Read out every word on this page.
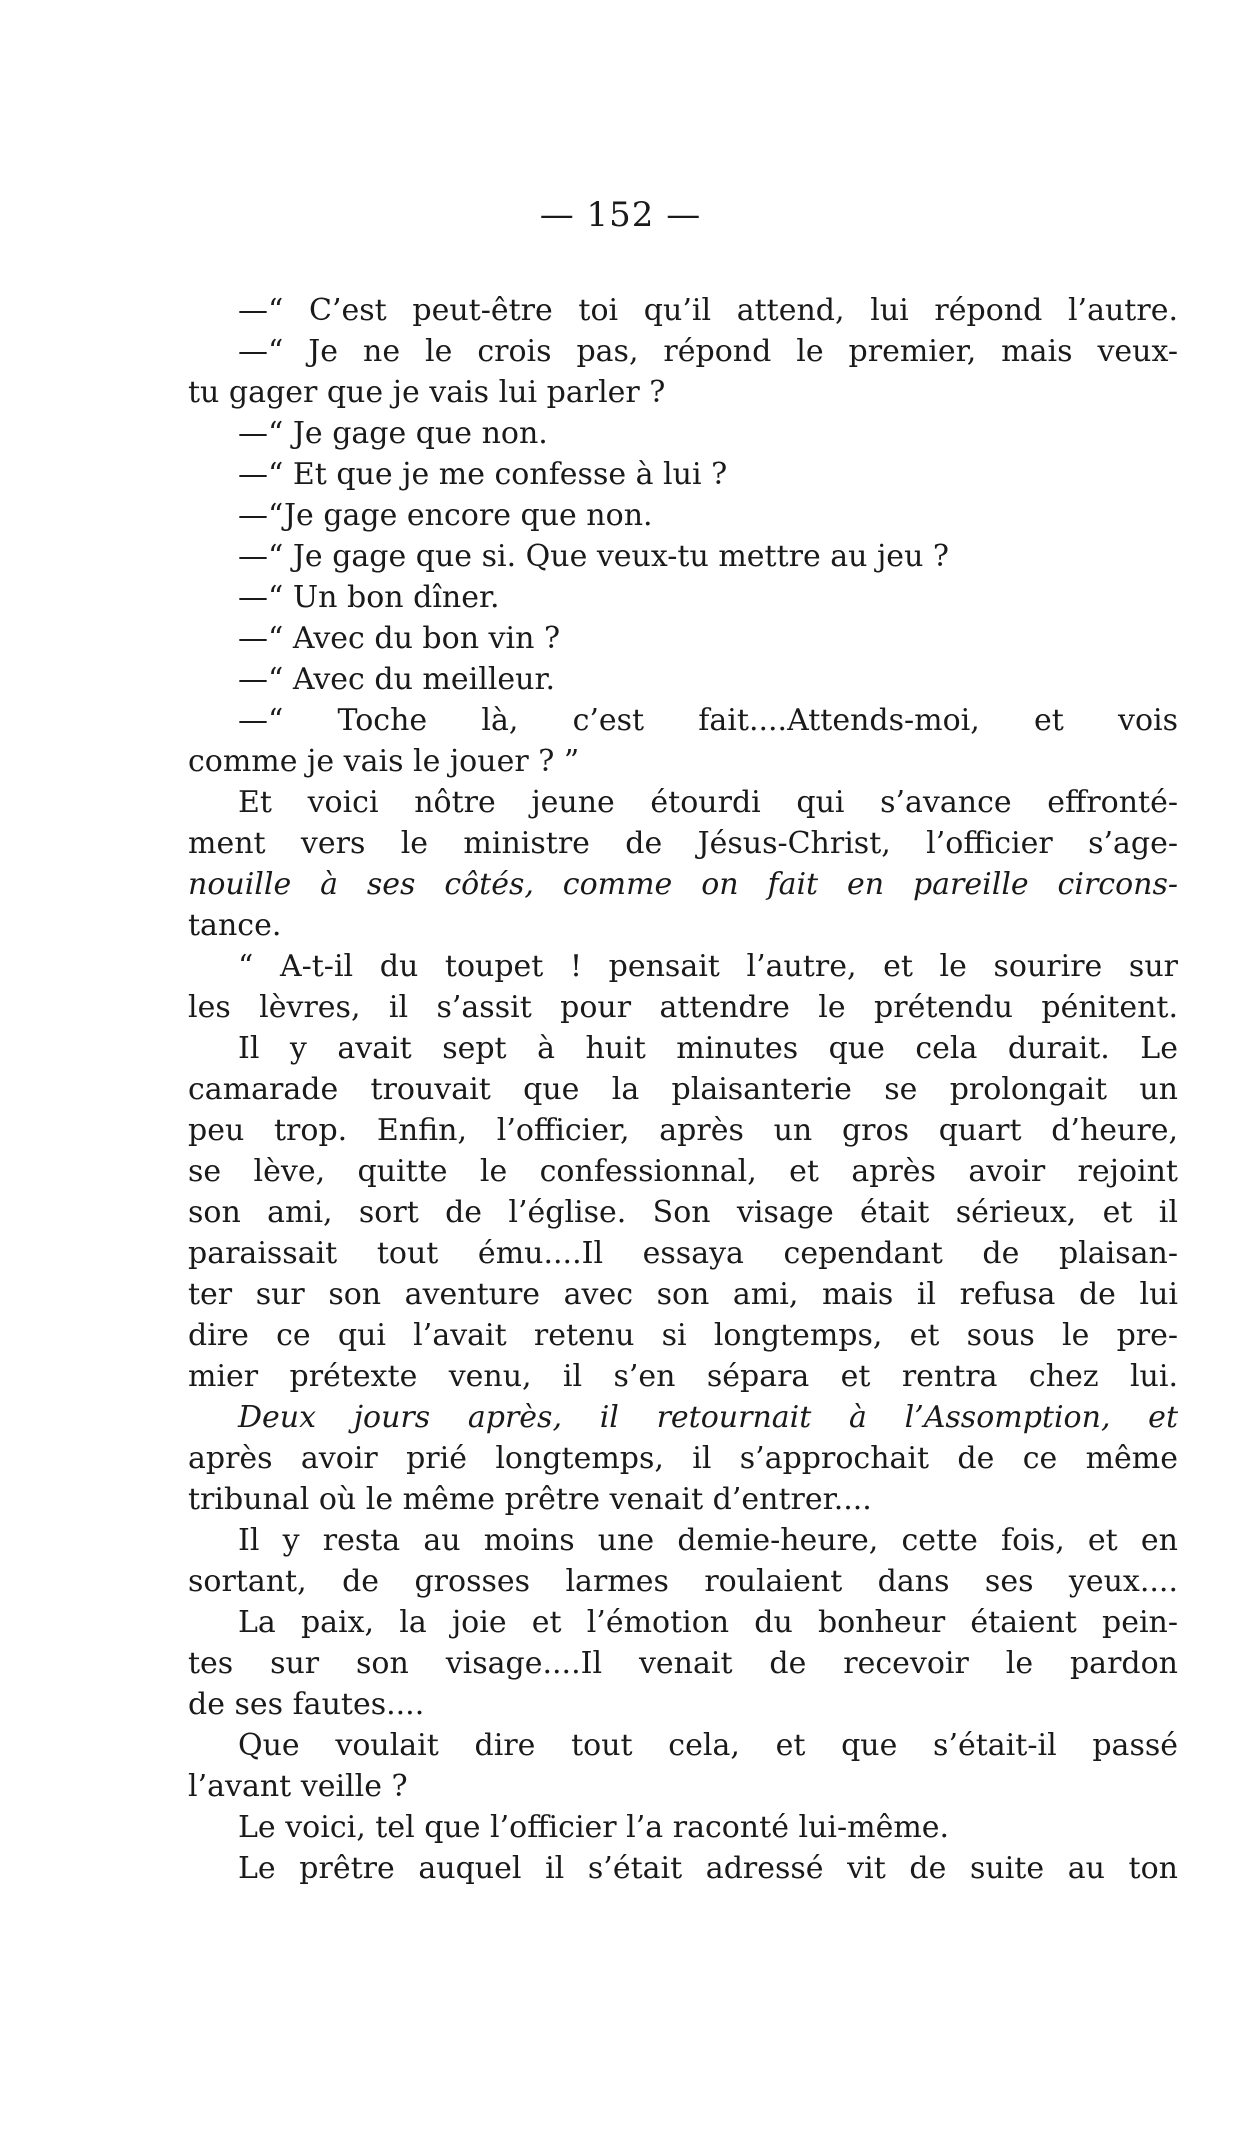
— 152 —
—“ C’est peut-être toi qu’il attend, lui répond l’autre.
—“ Je ne le crois pas, répond le premier, mais veux-
tu gager que je vais lui parler ?
—“ Je gage que non.
—“ Et que je me confesse à lui ?
—“Je gage encore que non.
—“ Je gage que si. Que veux-tu mettre au jeu ?
—“ Un bon dîner.
—“ Avec du bon vin ?
—“ Avec du meilleur.
—“ Toche là, c’est fait....Attends-moi, et vois
comme je vais le jouer ? ”
Et voici nôtre jeune étourdi qui s’avance effronté-
ment vers le ministre de Jésus-Christ, l’officier s’age-
nouille à ses côtés, comme on fait en pareille circons-
tance.
“ A-t-il du toupet ! pensait l’autre, et le sourire sur
les lèvres, il s’assit pour attendre le prétendu pénitent.
Il y avait sept à huit minutes que cela durait. Le
camarade trouvait que la plaisanterie se prolongait un
peu trop. Enfin, l’officier, après un gros quart d’heure,
se lève, quitte le confessionnal, et après avoir rejoint
son ami, sort de l’église. Son visage était sérieux, et il
paraissait tout ému....Il essaya cependant de plaisan-
ter sur son aventure avec son ami, mais il refusa de lui
dire ce qui l’avait retenu si longtemps, et sous le pre-
mier prétexte venu, il s’en sépara et rentra chez lui.
Deux jours après, il retournait à l’Assomption, et
après avoir prié longtemps, il s’approchait de ce même
tribunal où le même prêtre venait d’entrer....
Il y resta au moins une demie-heure, cette fois, et en
sortant, de grosses larmes roulaient dans ses yeux....
La paix, la joie et l’émotion du bonheur étaient pein-
tes sur son visage....Il venait de recevoir le pardon
de ses fautes....
Que voulait dire tout cela, et que s’était-il passé
l’avant veille ?
Le voici, tel que l’officier l’a raconté lui-même.
Le prêtre auquel il s’était adressé vit de suite au ton
